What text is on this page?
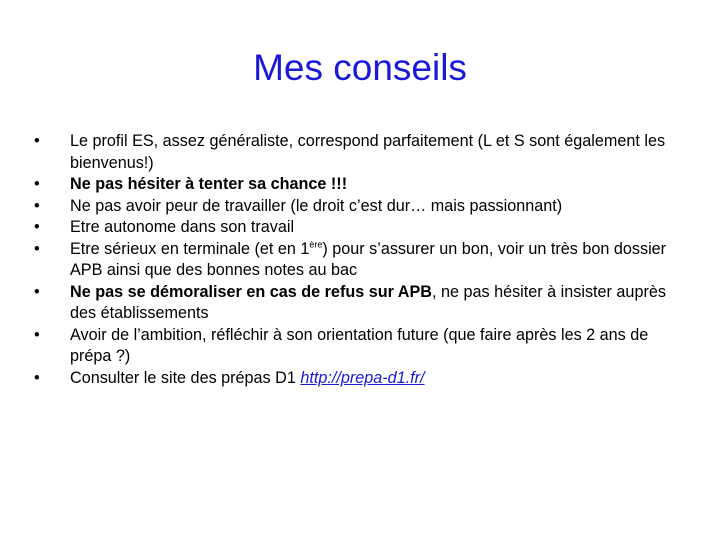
Mes conseils
•	Le profil ES, assez généraliste, correspond parfaitement (L et S sont également les bienvenus!)
•	Ne pas hésiter à tenter sa chance !!!
•	Ne pas avoir peur de travailler (le droit c’est dur… mais passionnant)
•	Etre autonome dans son travail
•	Etre sérieux en terminale (et en 1ère) pour s’assurer un bon, voir un très bon dossier APB ainsi que des bonnes notes au bac
•	Ne pas se démoraliser en cas de refus sur APB, ne pas hésiter à insister auprès des établissements
•	Avoir de l’ambition, réfléchir à son orientation future (que faire après les 2 ans de prépa ?)
•	Consulter le site des prépas D1 http://prepa-d1.fr/
